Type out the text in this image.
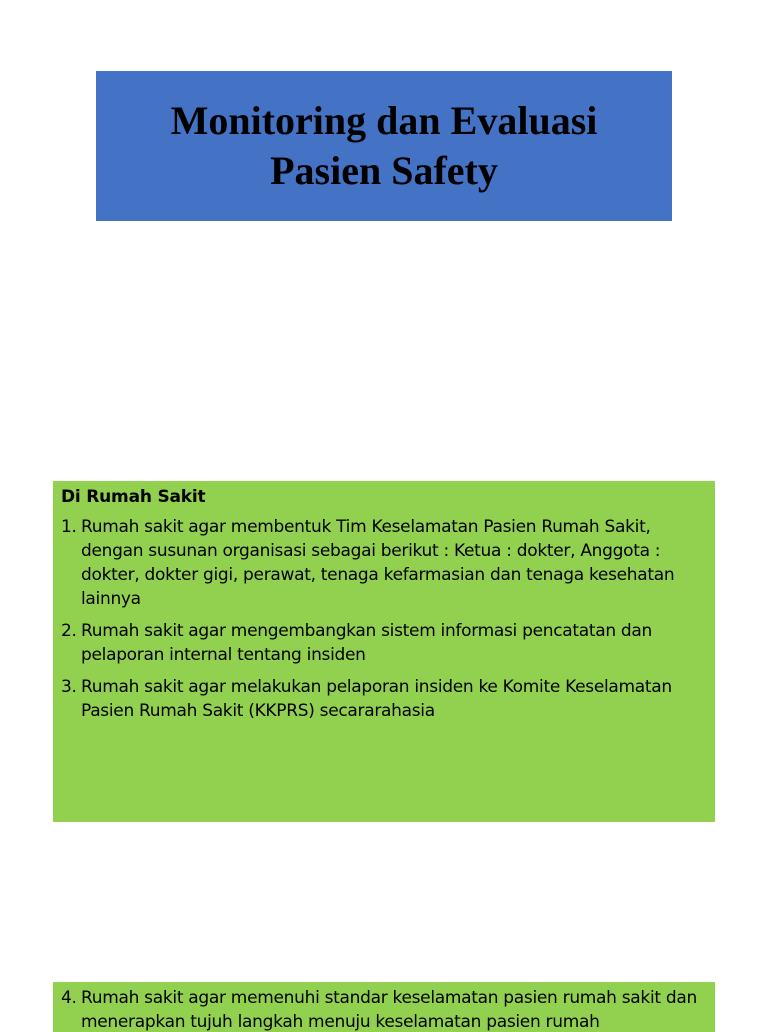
Monitoring dan Evaluasi
Pasien Safety
Di Rumah Sakit
1. Rumah sakit agar membentuk Tim Keselamatan Pasien Rumah Sakit, dengan susunan organisasi sebagai berikut : Ketua : dokter, Anggota : dokter, dokter gigi, perawat, tenaga kefarmasian dan tenaga kesehatan lainnya
2. Rumah sakit agar mengembangkan sistem informasi pencatatan dan pelaporan internal tentang insiden
3. Rumah sakit agar melakukan pelaporan insiden ke Komite Keselamatan Pasien Rumah Sakit (KKPRS) secararahasia
4. Rumah sakit agar memenuhi standar keselamatan pasien rumah sakit dan menerapkan tujuh langkah menuju keselamatan pasien rumah
